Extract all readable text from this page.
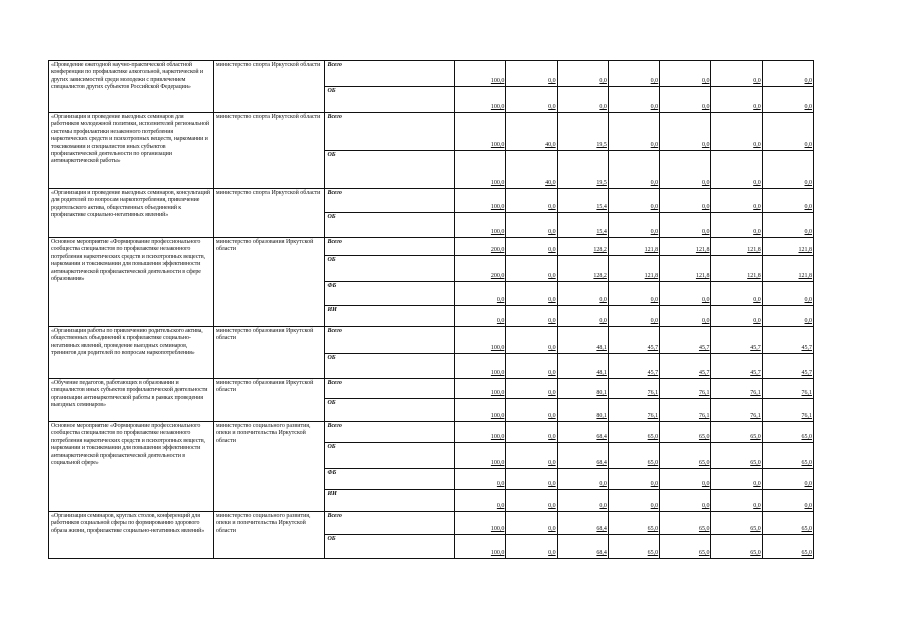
«Проведение ежегодной научно-практической областной конференции по профилактике алкогольной, наркотической и других зависимостей среди молодежи с привлечением специалистов других субъектов Российской Федерации»	министерство спорта Иркутской области	Всего	100,0	0,0	0,0	0,0	0,0	0,0	0,0
		ОБ	100,0	0,0	0,0	0,0	0,0	0,0	0,0
«Организация и проведение выездных семинаров для работников молодежной политики, исполнителей региональной системы профилактики незаконного потребления наркотических средств и психотропных веществ, наркомании и токсикомании и специалистов иных субъектов профилактической деятельности по организации антинаркотической работы»	министерство спорта Иркутской области	Всего	100,0	40,0	19,5	0,0	0,0	0,0	0,0
		ОБ	100,0	40,0	19,5	0,0	0,0	0,0	0,0
«Организация и проведение выездных семинаров, консультаций для родителей по вопросам наркопотребления, привлечение родительского актива, общественных объединений к профилактике социально-негативных явлений»	министерство спорта Иркутской области	Всего	100,0	0,0	15,4	0,0	0,0	0,0	0,0
		ОБ	100,0	0,0	15,4	0,0	0,0	0,0	0,0
Основное мероприятие «Формирование профессионального сообщества специалистов по профилактике незаконного потребления наркотических средств и психотропных веществ, наркомании и токсикомании для повышения эффективности антинаркотической профилактической деятельности в сфере образования»	министерство образования Иркутской области	Всего	200,0	0,0	128,2	121,8	121,8	121,8	121,8
		ОБ	200,0	0,0	128,2	121,8	121,8	121,8	121,8
		ФБ	0,0	0,0	0,0	0,0	0,0	0,0	0,0
		ИИ	0,0	0,0	0,0	0,0	0,0	0,0	0,0
«Организация работы по привлечению родительского актива, общественных объединений к профилактике социально-негативных явлений, проведение выездных семинаров, тренингов для родителей по вопросам наркопотребления»	министерство образования Иркутской области	Всего	100,0	0,0	48,1	45,7	45,7	45,7	45,7
		ОБ	100,0	0,0	48,1	45,7	45,7	45,7	45,7
«Обучение педагогов, работающих в образовании и специалистов иных субъектов профилактической деятельности организации антинаркотической работы в рамках проведения выездных семинаров»	министерство образования Иркутской области	Всего	100,0	0,0	80,1	76,1	76,1	76,1	76,1
		ОБ	100,0	0,0	80,1	76,1	76,1	76,1	76,1
Основное мероприятие «Формирование профессионального сообщества специалистов по профилактике незаконного потребления наркотических средств и психотропных веществ, наркомании и токсикомании для повышения эффективности антинаркотической профилактической деятельности в социальной сфере»	министерство социального развития, опеки и попечительства Иркутской области	Всего	100,0	0,0	68,4	65,0	65,0	65,0	65,0
		ОБ	100,0	0,0	68,4	65,0	65,0	65,0	65,0
		ФБ	0,0	0,0	0,0	0,0	0,0	0,0	0,0
		ИИ	0,0	0,0	0,0	0,0	0,0	0,0	0,0
«Организация семинаров, круглых столов, конференций для работников социальной сферы по формированию здорового образа жизни, профилактике социально-негативных явлений»	министерство социального развития, опеки и попечительства Иркутской области	Всего	100,0	0,0	68,4	65,0	65,0	65,0	65,0
		ОБ	100,0	0,0	68,4	65,0	65,0	65,0	65,0
